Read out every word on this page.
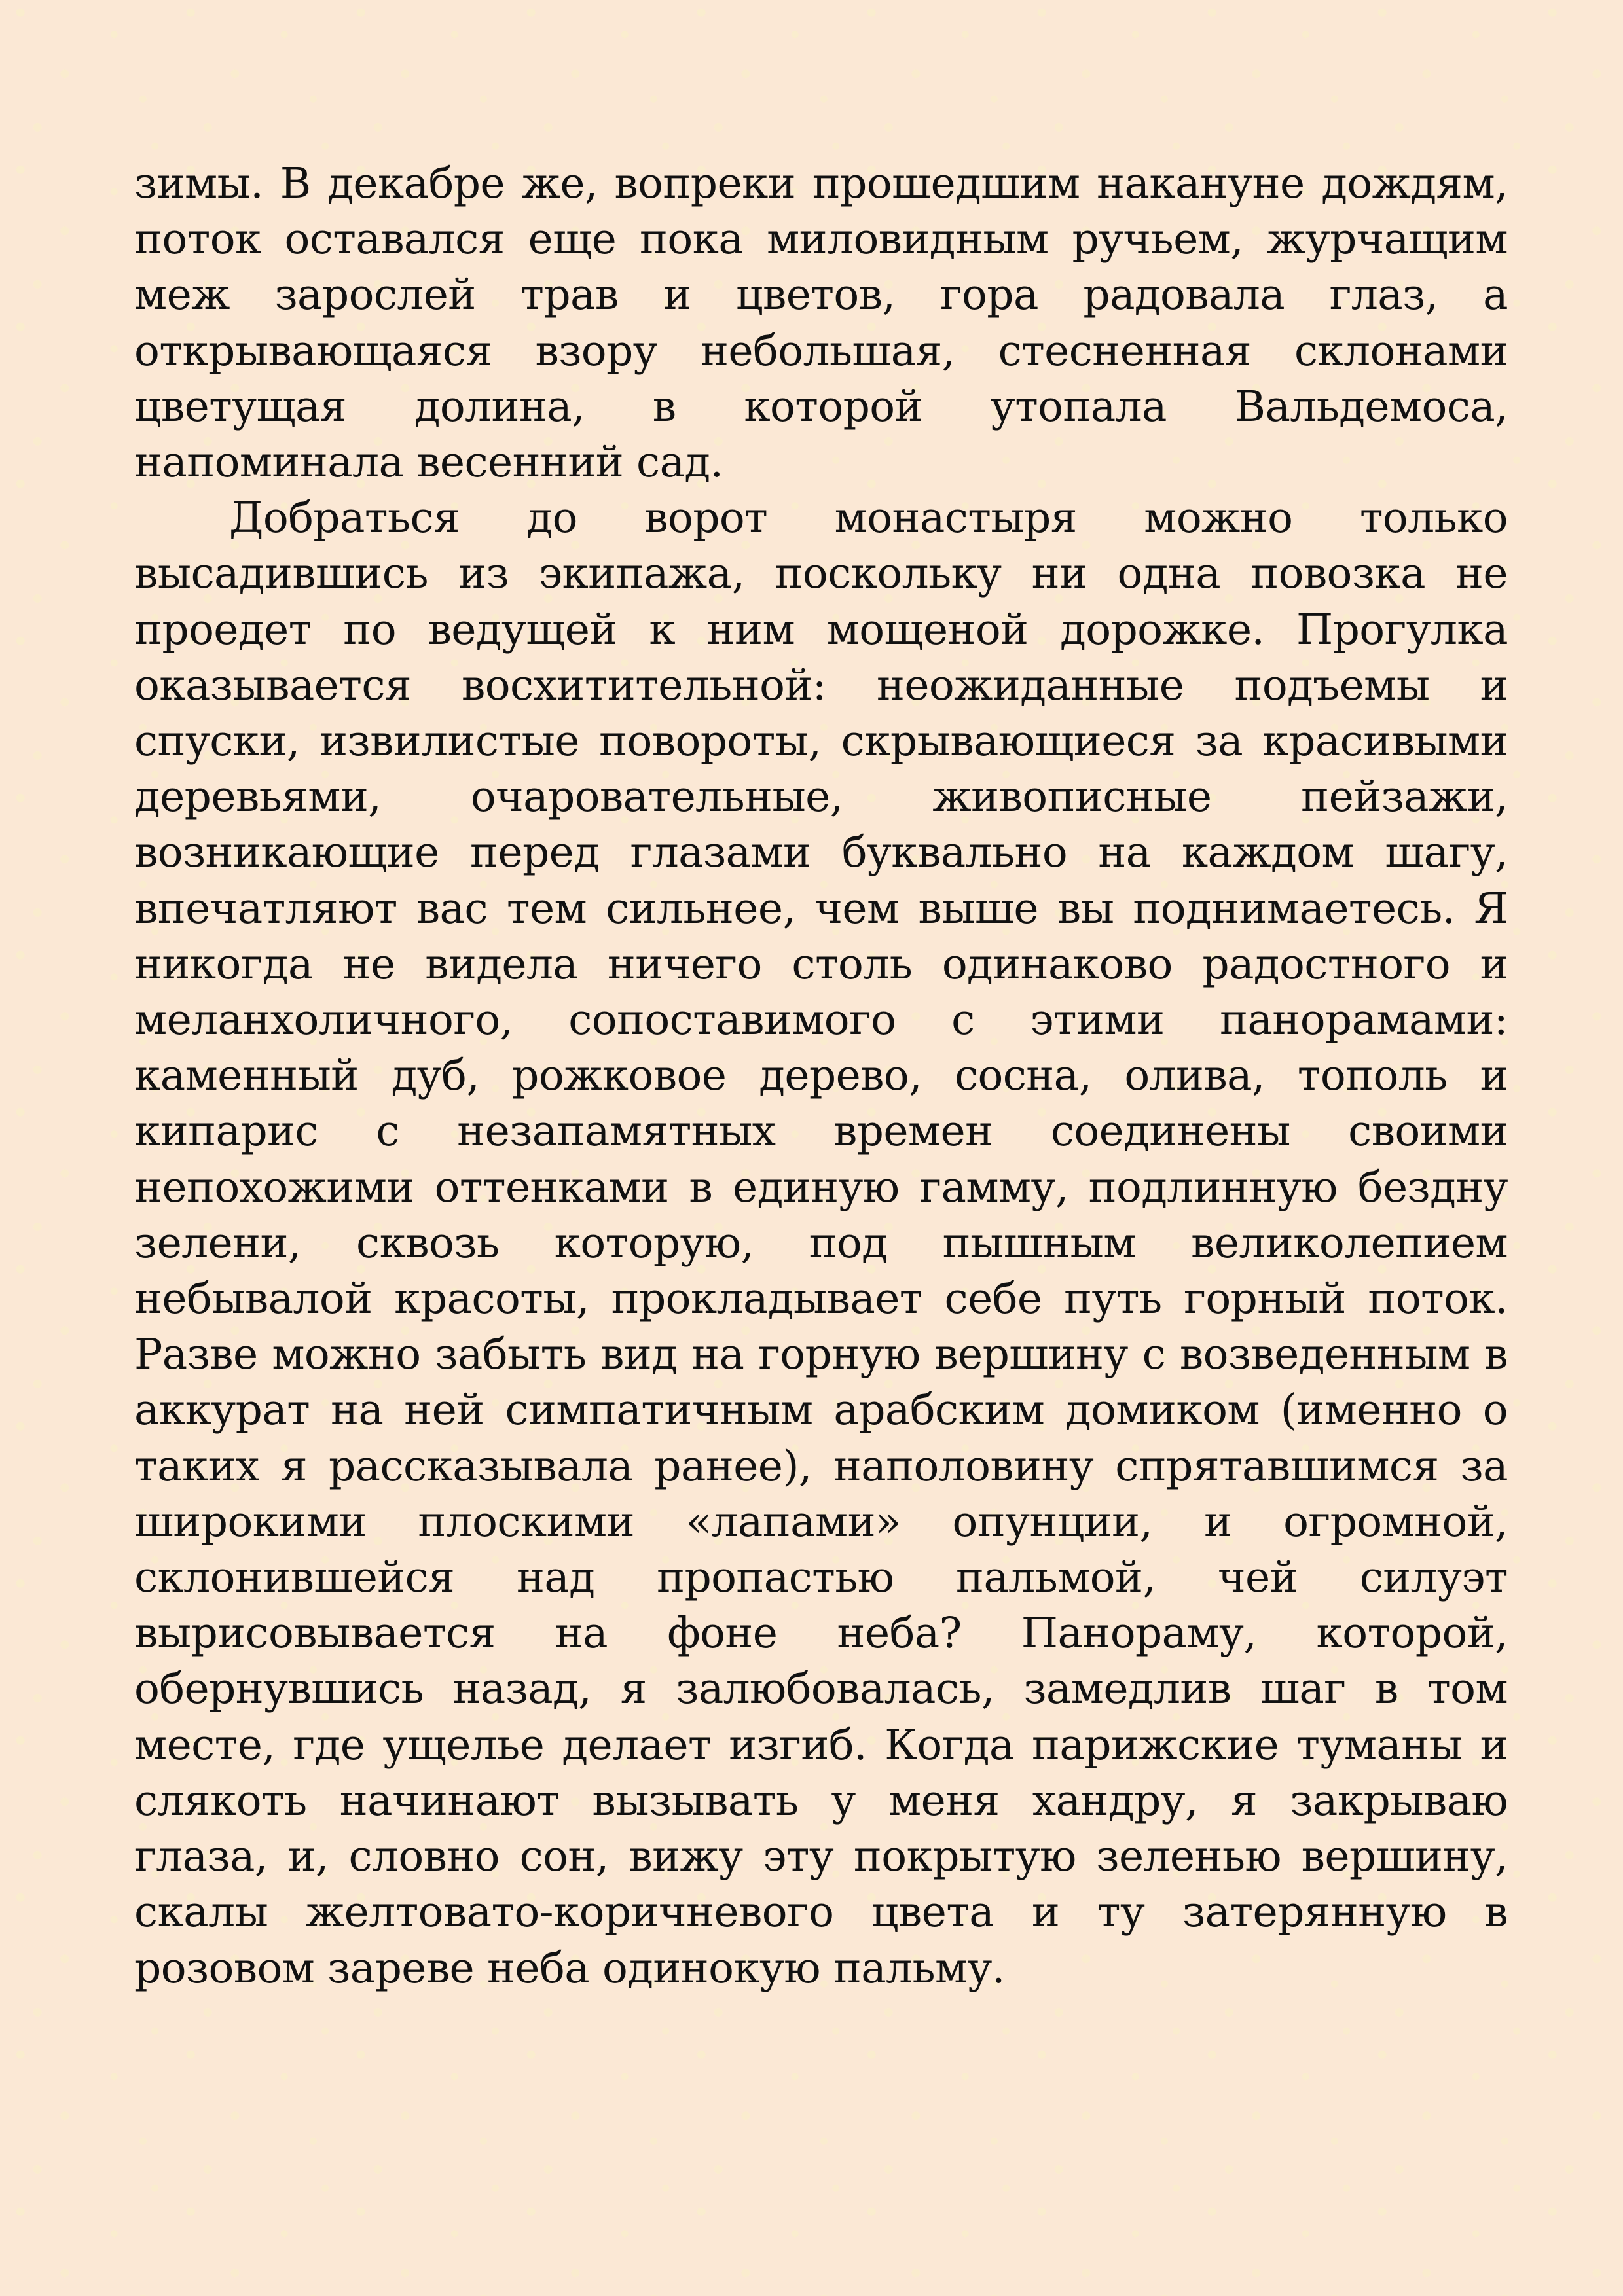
зимы. В декабре же, вопреки прошедшим накануне дождям, поток оставался еще пока миловидным ручьем, журчащим меж зарослей трав и цветов, гора радовала глаз, а открывающаяся взору небольшая, стесненная склонами цветущая долина, в которой утопала Вальдемоса, напоминала весенний сад.

Добраться до ворот монастыря можно только высадившись из экипажа, поскольку ни одна повозка не проедет по ведущей к ним мощеной дорожке. Прогулка оказывается восхитительной: неожиданные подъемы и спуски, извилистые повороты, скрывающиеся за красивыми деревьями, очаровательные, живописные пейзажи, возникающие перед глазами буквально на каждом шагу, впечатляют вас тем сильнее, чем выше вы поднимаетесь. Я никогда не видела ничего столь одинаково радостного и меланхоличного, сопоставимого с этими панорамами: каменный дуб, рожковое дерево, сосна, олива, тополь и кипарис с незапамятных времен соединены своими непохожими оттенками в единую гамму, подлинную бездну зелени, сквозь которую, под пышным великолепием небывалой красоты, прокладывает себе путь горный поток. Разве можно забыть вид на горную вершину с возведенным в аккурат на ней симпатичным арабским домиком (именно о таких я рассказывала ранее), наполовину спрятавшимся за широкими плоскими «лапами» опунции, и огромной, склонившейся над пропастью пальмой, чей силуэт вырисовывается на фоне неба? Панораму, которой, обернувшись назад, я залюбовалась, замедлив шаг в том месте, где ущелье делает изгиб. Когда парижские туманы и слякоть начинают вызывать у меня хандру, я закрываю глаза, и, словно сон, вижу эту покрытую зеленью вершину, скалы желтовато-коричневого цвета и ту затерянную в розовом зареве неба одинокую пальму.
